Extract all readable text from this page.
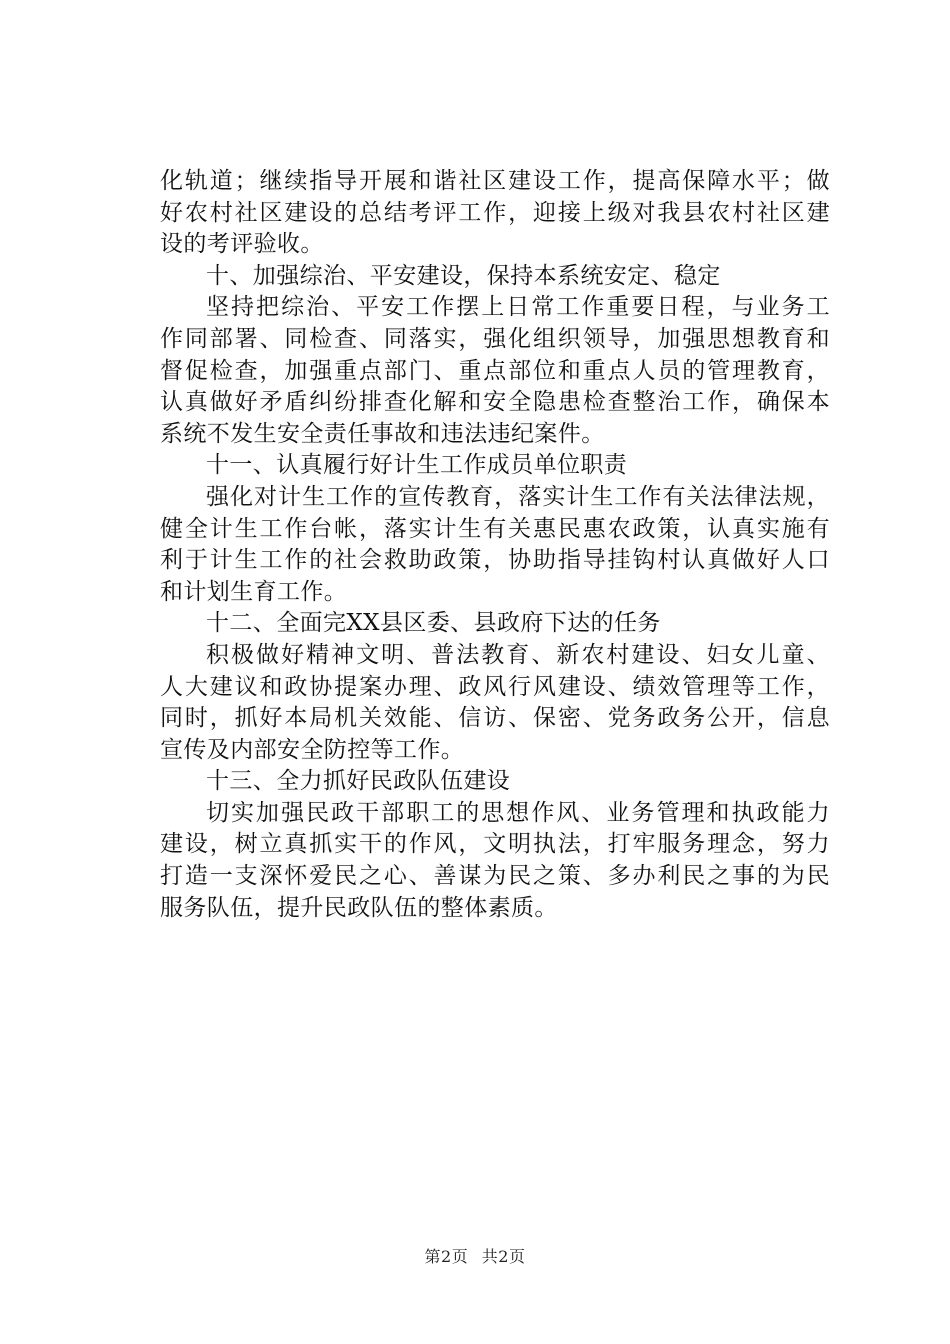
化轨道；继续指导开展和谐社区建设工作，提高保障水平；做
好农村社区建设的总结考评工作，迎接上级对我县农村社区建
设的考评验收。
十、加强综治、平安建设，保持本系统安定、稳定
坚持把综治、平安工作摆上日常工作重要日程，与业务工
作同部署、同检查、同落实，强化组织领导，加强思想教育和
督促检查，加强重点部门、重点部位和重点人员的管理教育，
认真做好矛盾纠纷排查化解和安全隐患检查整治工作，确保本
系统不发生安全责任事故和违法违纪案件。
十一、认真履行好计生工作成员单位职责
强化对计生工作的宣传教育，落实计生工作有关法律法规，
健全计生工作台帐，落实计生有关惠民惠农政策，认真实施有
利于计生工作的社会救助政策，协助指导挂钩村认真做好人口
和计划生育工作。
十二、全面完XX县区委、县政府下达的任务
积极做好精神文明、普法教育、新农村建设、妇女儿童、
人大建议和政协提案办理、政风行风建设、绩效管理等工作，
同时，抓好本局机关效能、信访、保密、党务政务公开，信息
宣传及内部安全防控等工作。
十三、全力抓好民政队伍建设
切实加强民政干部职工的思想作风、业务管理和执政能力
建设，树立真抓实干的作风，文明执法，打牢服务理念，努力
打造一支深怀爱民之心、善谋为民之策、多办利民之事的为民
服务队伍，提升民政队伍的整体素质。
第2页 共2页
